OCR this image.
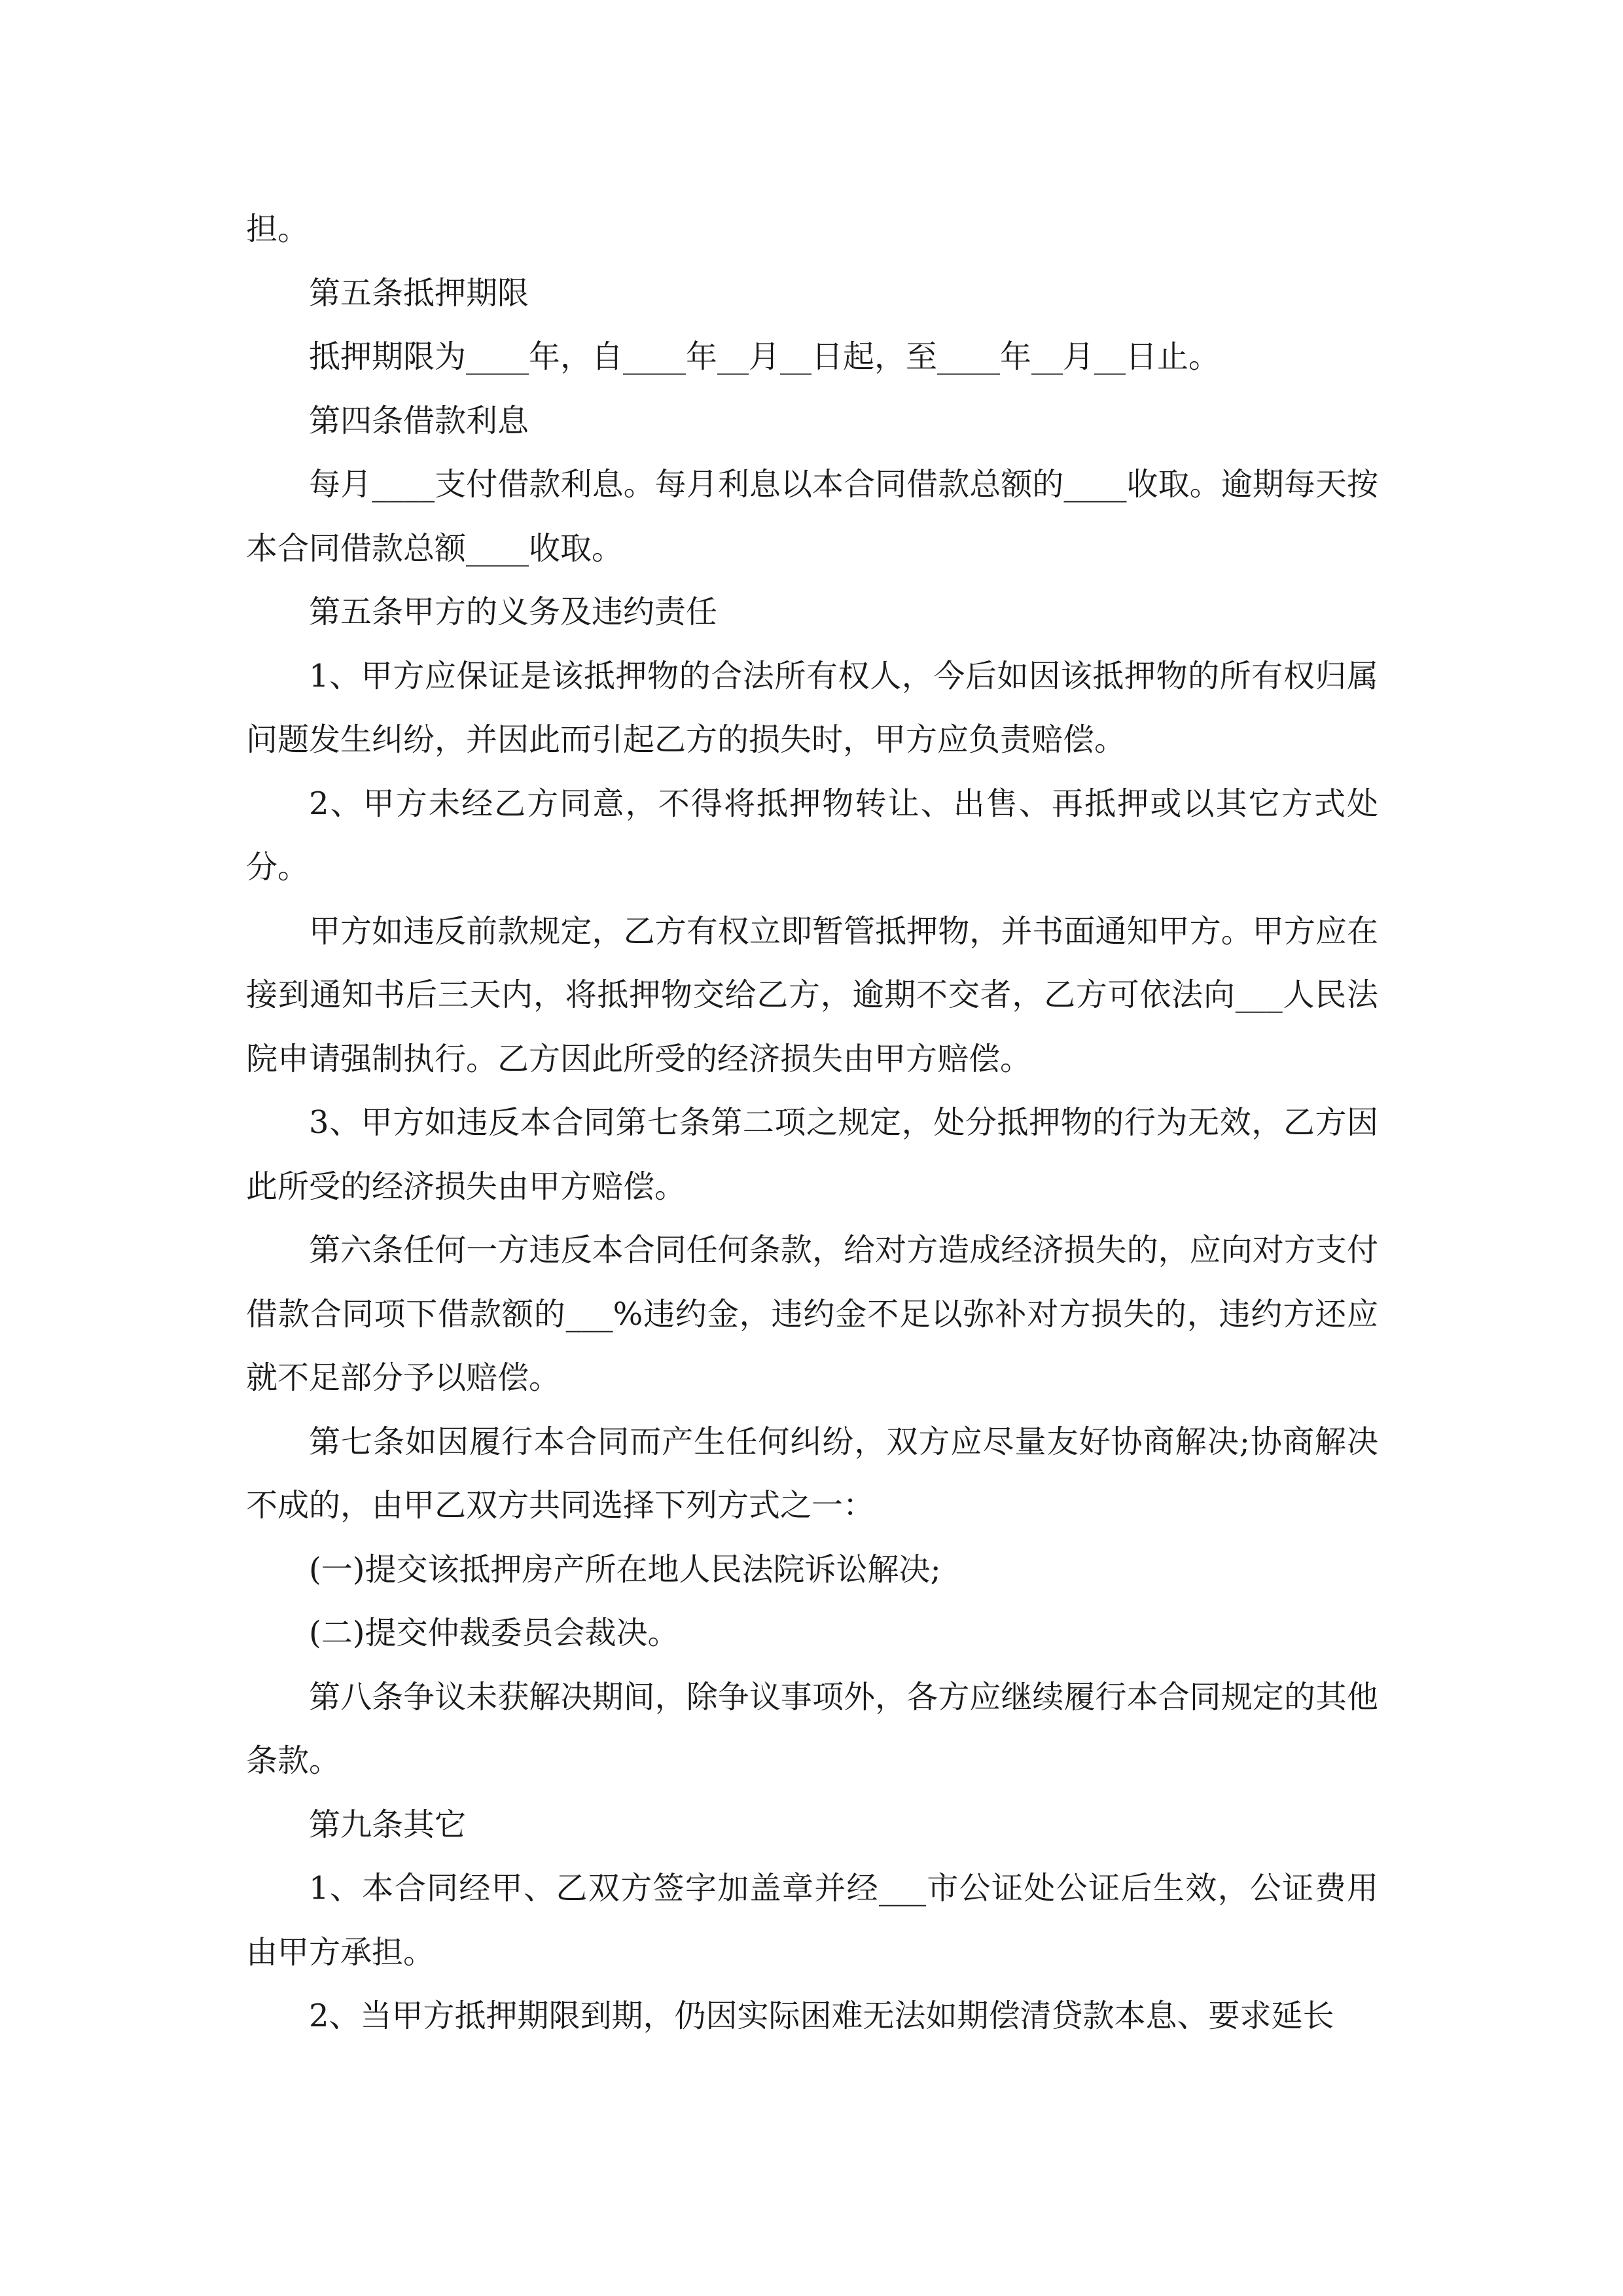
担。

第五条抵押期限

抵押期限为____年，自____年__月__日起，至____年__月__日止。

第四条借款利息

每月____支付借款利息。每月利息以本合同借款总额的____收取。逾期每天按本合同借款总额____收取。

第五条甲方的义务及违约责任

1、甲方应保证是该抵押物的合法所有权人，今后如因该抵押物的所有权归属问题发生纠纷，并因此而引起乙方的损失时，甲方应负责赔偿。

2、甲方未经乙方同意，不得将抵押物转让、出售、再抵押或以其它方式处分。

甲方如违反前款规定，乙方有权立即暂管抵押物，并书面通知甲方。甲方应在接到通知书后三天内，将抵押物交给乙方，逾期不交者，乙方可依法向___人民法院申请强制执行。乙方因此所受的经济损失由甲方赔偿。

3、甲方如违反本合同第七条第二项之规定，处分抵押物的行为无效，乙方因此所受的经济损失由甲方赔偿。

第六条任何一方违反本合同任何条款，给对方造成经济损失的，应向对方支付借款合同项下借款额的___%违约金，违约金不足以弥补对方损失的，违约方还应就不足部分予以赔偿。

第七条如因履行本合同而产生任何纠纷，双方应尽量友好协商解决;协商解决不成的，由甲乙双方共同选择下列方式之一：

(一)提交该抵押房产所在地人民法院诉讼解决;

(二)提交仲裁委员会裁决。

第八条争议未获解决期间，除争议事项外，各方应继续履行本合同规定的其他条款。

第九条其它

1、本合同经甲、乙双方签字加盖章并经___市公证处公证后生效，公证费用由甲方承担。

2、当甲方抵押期限到期，仍因实际困难无法如期偿清贷款本息、要求延长
